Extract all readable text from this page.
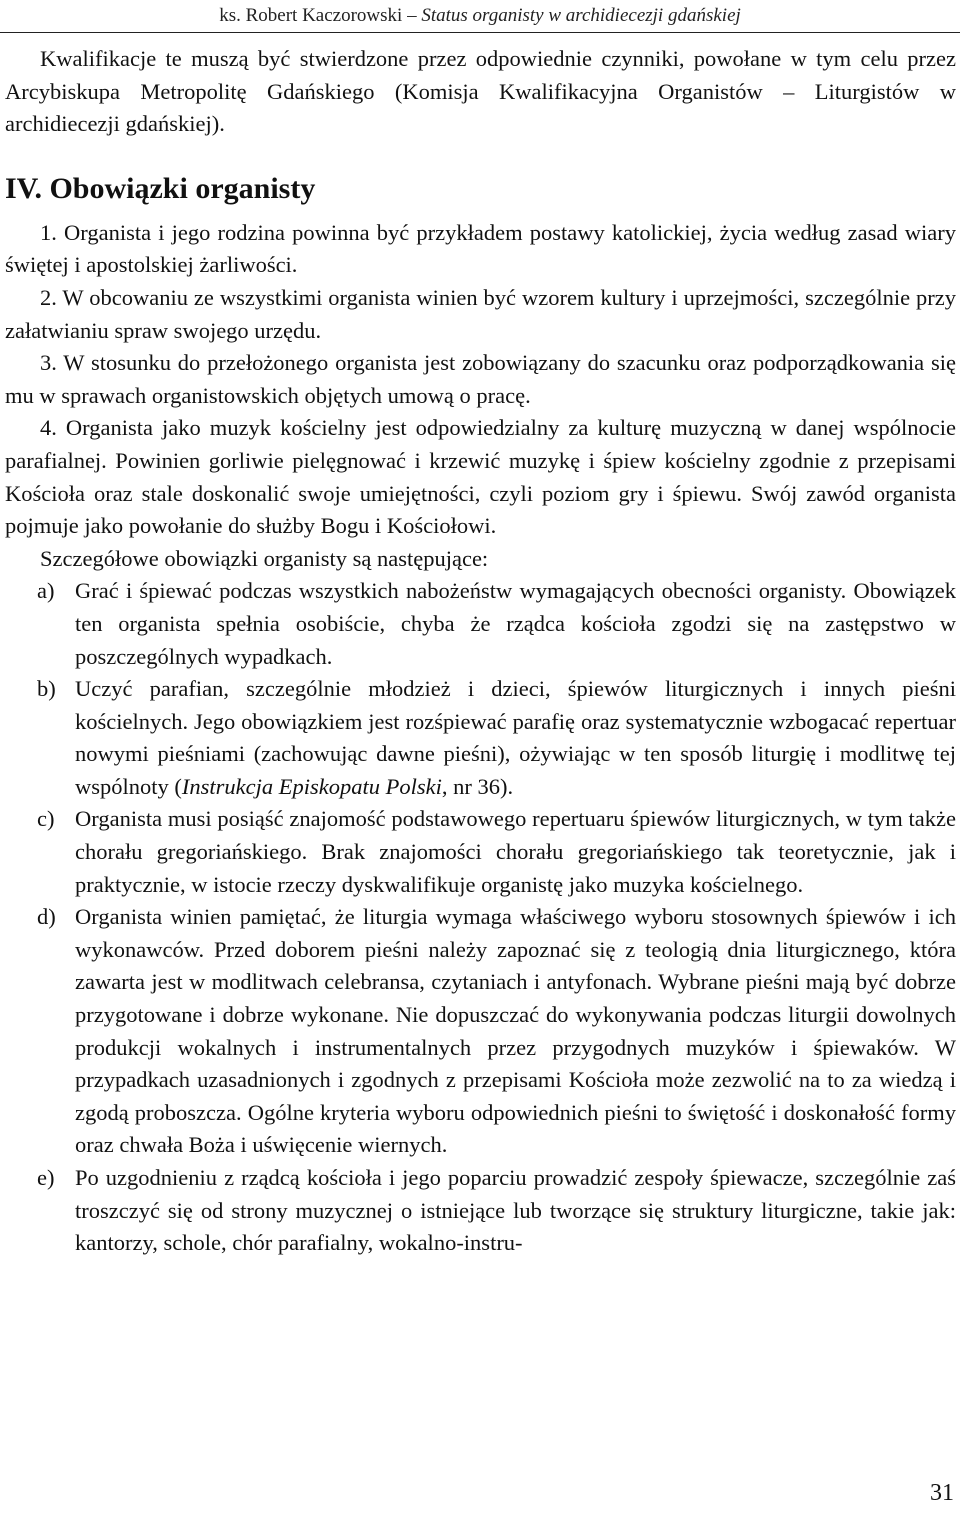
ks. Robert Kaczorowski – Status organisty w archidiecezji gdańskiej

Kwalifikacje te muszą być stwierdzone przez odpowiednie czynniki, powołane w tym celu przez Arcybiskupa Metropolitę Gdańskiego (Komisja Kwalifikacyjna Organistów – Liturgistów w archidiecezji gdańskiej).

IV. Obowiązki organisty

1. Organista i jego rodzina powinna być przykładem postawy katolickiej, życia według zasad wiary świętej i apostolskiej żarliwości.

2. W obcowaniu ze wszystkimi organista winien być wzorem kultury i uprzejmości, szczególnie przy załatwianiu spraw swojego urzędu.

3. W stosunku do przełożonego organista jest zobowiązany do szacunku oraz podporządkowania się mu w sprawach organistowskich objętych umową o pracę.

4. Organista jako muzyk kościelny jest odpowiedzialny za kulturę muzyczną w danej wspólnocie parafialnej. Powinien gorliwie pielęgnować i krzewić muzykę i śpiew kościelny zgodnie z przepisami Kościoła oraz stale doskonalić swoje umiejętności, czyli poziom gry i śpiewu. Swój zawód organista pojmuje jako powołanie do służby Bogu i Kościołowi.

Szczegółowe obowiązki organisty są następujące:

a) Grać i śpiewać podczas wszystkich nabożeństw wymagających obecności organisty. Obowiązek ten organista spełnia osobiście, chyba że rządca kościoła zgodzi się na zastępstwo w poszczególnych wypadkach.
b) Uczyć parafian, szczególnie młodzież i dzieci, śpiewów liturgicznych i innych pieśni kościelnych. Jego obowiązkiem jest rozśpiewać parafię oraz systematycznie wzbogacać repertuar nowymi pieśniami (zachowując dawne pieśni), ożywiając w ten sposób liturgię i modlitwę tej wspólnoty (Instrukcja Episkopatu Polski, nr 36).
c) Organista musi posiąść znajomość podstawowego repertuaru śpiewów liturgicznych, w tym także chorału gregoriańskiego. Brak znajomości chorału gregoriańskiego tak teoretycznie, jak i praktycznie, w istocie rzeczy dyskwalifikuje organistę jako muzyka kościelnego.
d) Organista winien pamiętać, że liturgia wymaga właściwego wyboru stosownych śpiewów i ich wykonawców. Przed doborem pieśni należy zapoznać się z teologią dnia liturgicznego, która zawarta jest w modlitwach celebransa, czytaniach i antyfonach. Wybrane pieśni mają być dobrze przygotowane i dobrze wykonane. Nie dopuszczać do wykonywania podczas liturgii dowolnych produkcji wokalnych i instrumentalnych przez przygodnych muzyków i śpiewaków. W przypadkach uzasadnionych i zgodnych z przepisami Kościoła może zezwolić na to za wiedzą i zgodą proboszcza. Ogólne kryteria wyboru odpowiednich pieśni to świętość i doskonałość formy oraz chwała Boża i uświęcenie wiernych.
e) Po uzgodnieniu z rządcą kościoła i jego poparciu prowadzić zespoły śpiewacze, szczególnie zaś troszczyć się od strony muzycznej o istniejące lub tworzące się struktury liturgiczne, takie jak: kantorzy, schole, chór parafialny, wokalno-instru-
31
